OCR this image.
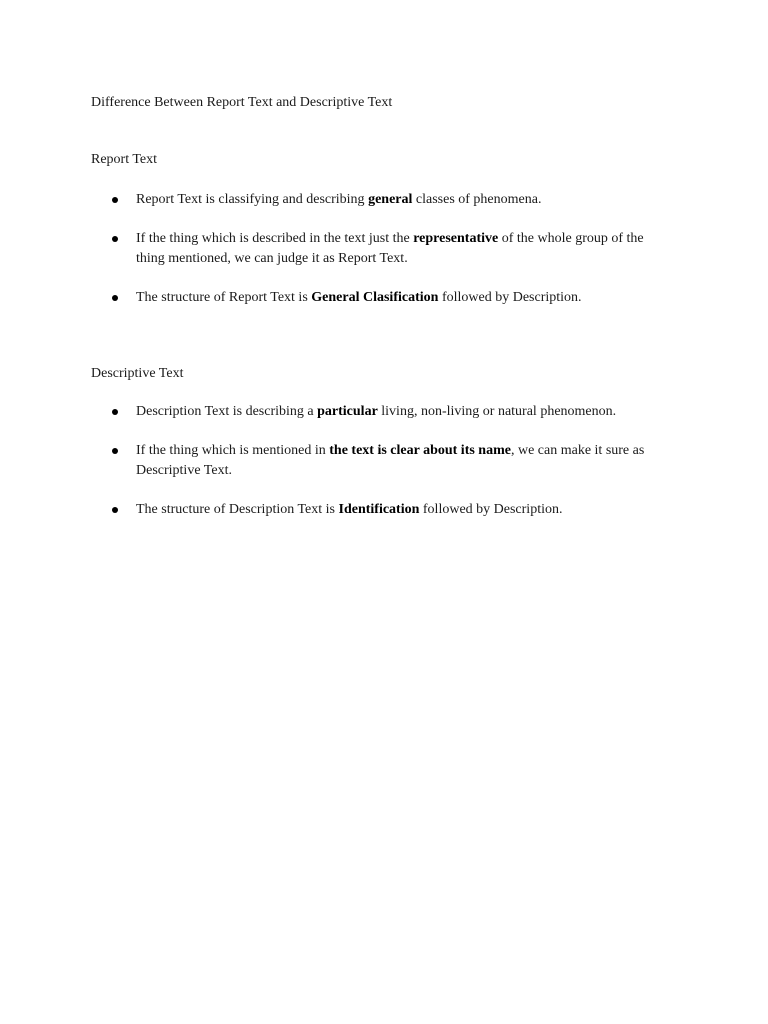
Difference Between Report Text and Descriptive Text
Report Text
Report Text is classifying and describing general classes of phenomena.
If the thing which is described in the text just the representative of the whole group of the thing mentioned, we can judge it as Report Text.
The structure of Report Text is General Clasification followed by Description.
Descriptive Text
Description Text is describing a particular living, non-living or natural phenomenon.
If the thing which is mentioned in the text is clear about its name, we can make it sure as Descriptive Text.
The structure of Description Text is Identification followed by Description.
